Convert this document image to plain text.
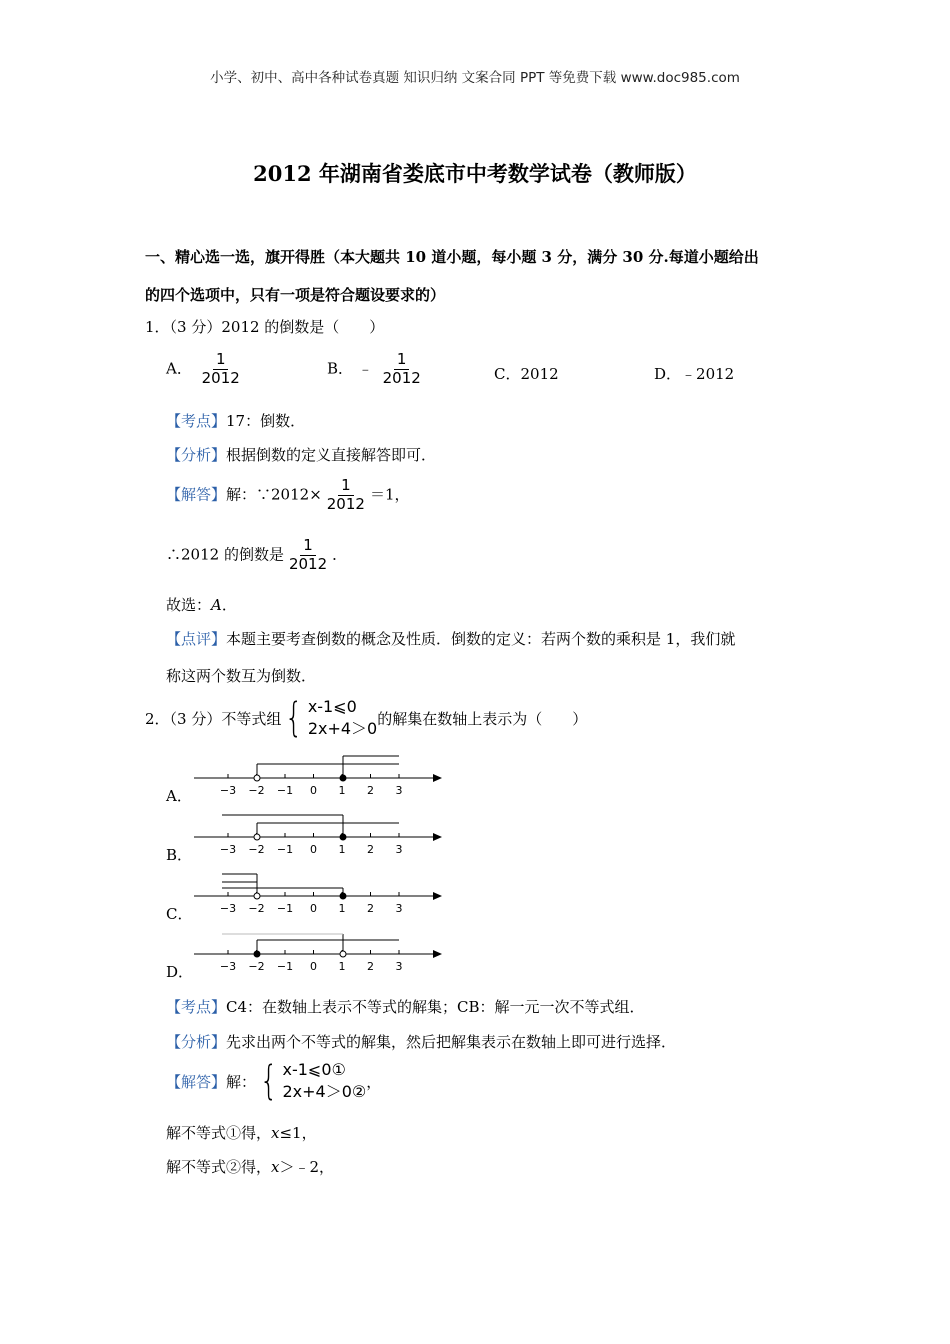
小学、初中、高中各种试卷真题 知识归纳 文案合同 PPT 等免费下载 www.doc985.com
2012 年湖南省娄底市中考数学试卷（教师版）
一、精心选一选，旗开得胜（本大题共 10 道小题，每小题 3 分，满分 30 分.每道小题给出
的四个选项中，只有一项是符合题设要求的）
1．（3 分）2012 的倒数是（　　）
A． $\frac{1}{2012}$	B． ﹣ $\frac{1}{2012}$	C．2012	D．﹣2012
【考点】17：倒数．
【分析】根据倒数的定义直接解答即可．
【解答】解：∵2012× $\frac{1}{2012} =1$，
∴2012 的倒数是 $\frac{1}{2012}$ ．
故选：A．
【点评】本题主要考查倒数的概念及性质．倒数的定义：若两个数的乘积是 1，我们就
称这两个数互为倒数．
2．（3 分）不等式组 { x-1⩽0
2x+4＞0
的解集在数轴上表示为（　　）
A．
B．
C．
D．
−3 −2 −1 0 1 2 3
−3 −2 −1 0 1 2 3
−3 −2 −1 0 1 2 3
−3 −2 −1 0 1 2 3
【考点】C4：在数轴上表示不等式的解集；CB：解一元一次不等式组．
【分析】先求出两个不等式的解集，然后把解集表示在数轴上即可进行选择．
【解答】 解： { x-1⩽0①
2x+4＞0②
，
解不等式①得，x≤1，
解不等式②得，x＞﹣2，
